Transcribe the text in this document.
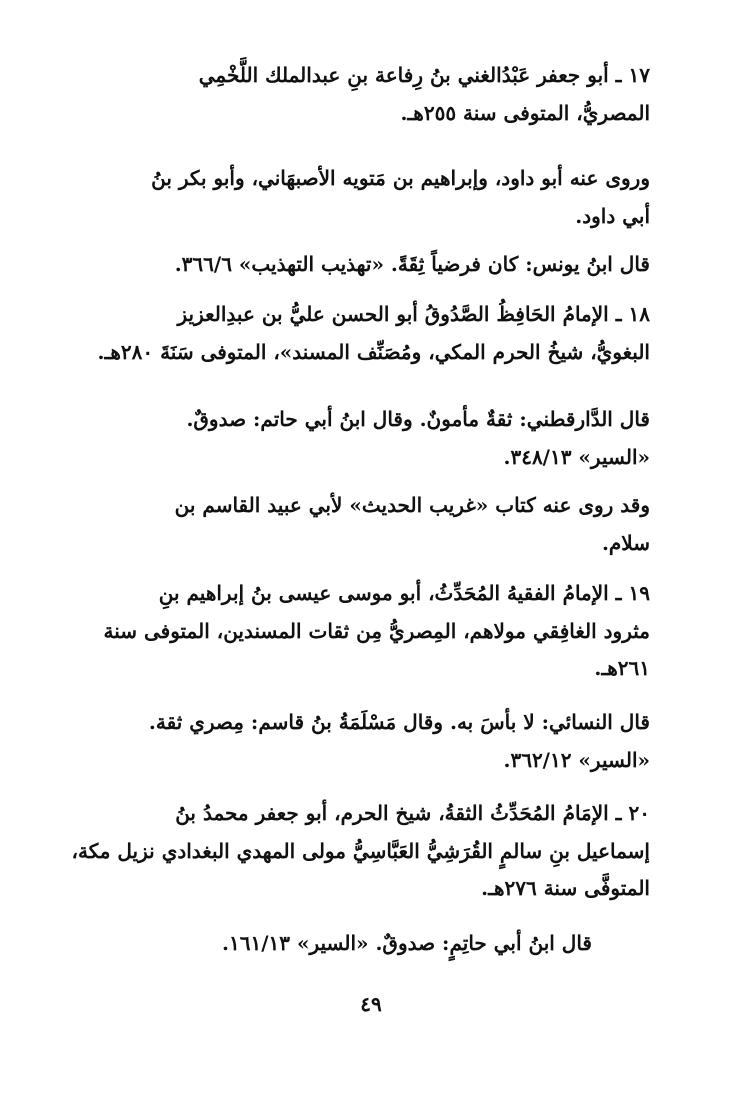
١٧ ـ أبو جعفر عَبْدُالغني بنُ رِفاعة بنِ عبدالملك اللَّخْمِي
المصريُّ، المتوفى سنة ٢٥٥هـ.

وروى عنه أبو داود، وإبراهيم بن مَتويه الأصبهَاني، وأبو بكر بنُ
أبي داود.

قال ابنُ يونس: كان فرضياً ثِقَةً. «تهذيب التهذيب» ٣٦٦/٦.

١٨ ـ الإمامُ الحَافِظُ الصَّدُوقُ أبو الحسن عليُّ بن عبدِالعزيز
البغويُّ، شيخُ الحرم المكي، ومُصَنِّف المسند»، المتوفى سَنَةَ ٢٨٠هـ.

قال الدَّارقطني: ثقةٌ مأمونٌ. وقال ابنُ أبي حاتم: صدوقٌ.
«السير» ٣٤٨/١٣.

وقد روى عنه كتاب «غريب الحديث» لأبي عبيد القاسم بن
سلام.

١٩ ـ الإمامُ الفقيهُ المُحَدِّثُ، أبو موسى عيسى بنُ إبراهيم بنِ
مثرود الغافِقي مولاهم، المِصريُّ مِن ثقات المسندين، المتوفى سنة
٢٦١هـ.

قال النسائي: لا بأسَ به. وقال مَسْلَمَةُ بنُ قاسم: مِصري ثقة.
«السير» ٣٦٢/١٢.

٢٠ ـ الإمَامُ المُحَدِّثُ الثقةُ، شيخ الحرم، أبو جعفر محمدُ بنُ
إسماعيل بنِ سالمٍ القُرَشِيُّ العَبَّاسِيُّ مولى المهدي البغدادي نزيل مكة،
المتوفَّى سنة ٢٧٦هـ.

قال ابنُ أبي حاتِمٍ: صدوقٌ. «السير» ١٦١/١٣.

٤٩
